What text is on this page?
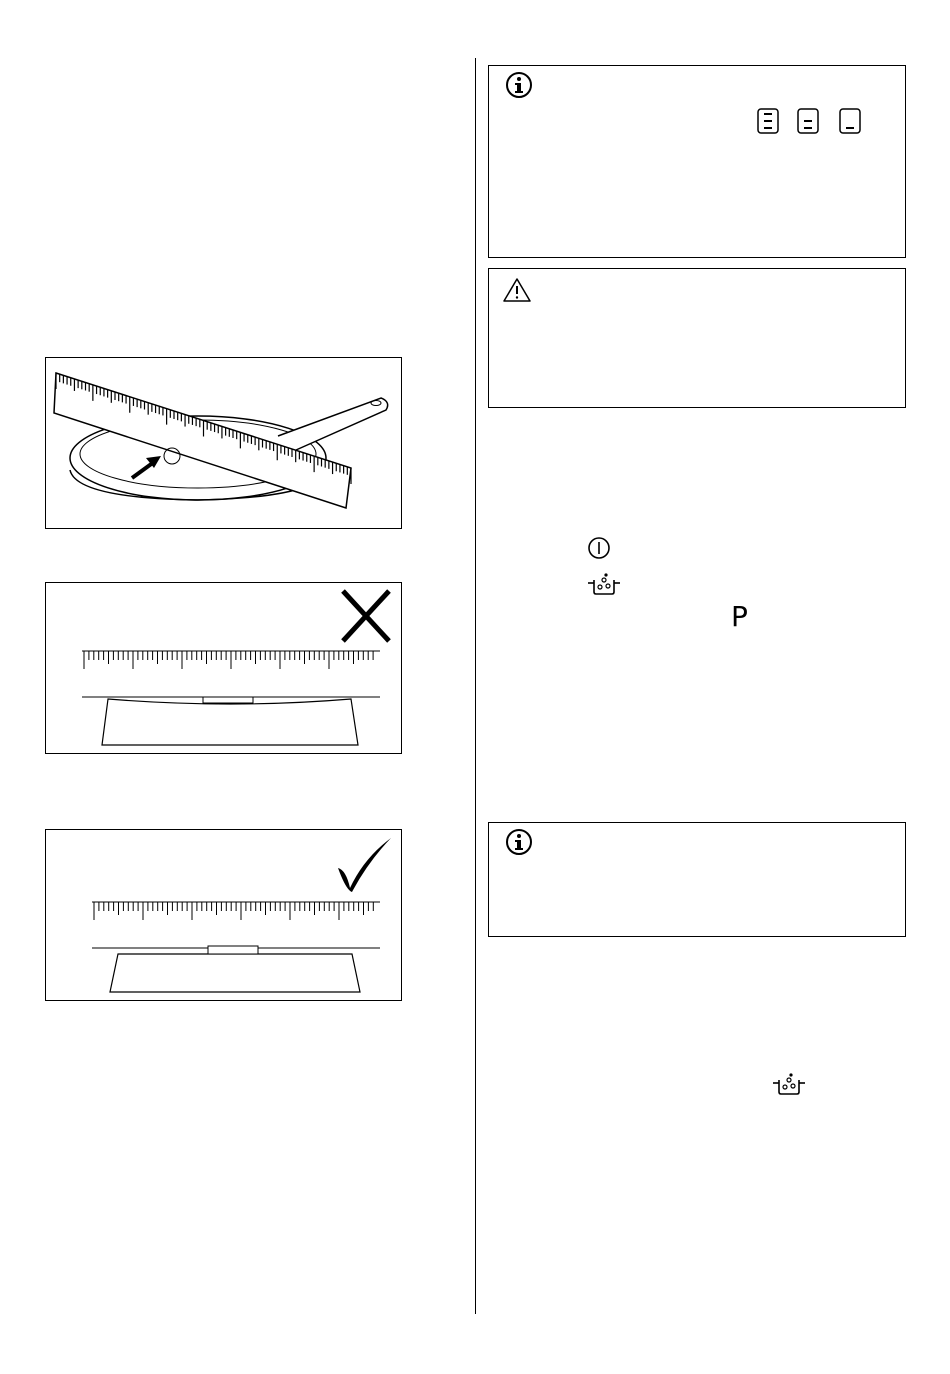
P
